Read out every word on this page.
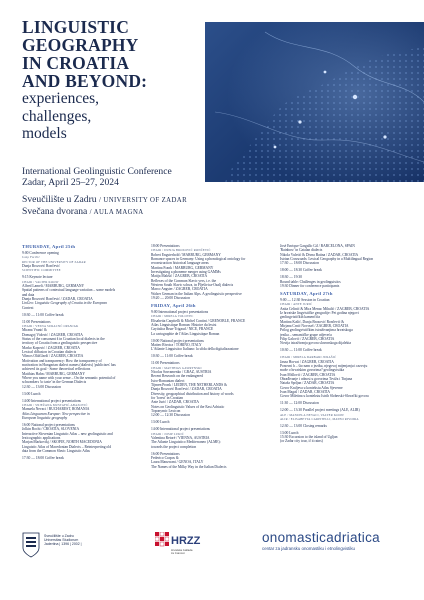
LINGUISTIC
GEOGRAPHY
IN CROATIA
AND BEYOND:
experiences,
challenges,
models
International Geolinguistic Conference
Zadar, April 25–27, 2024
Sveučilište u Zadru / UNIVERSITY OF ZADAR
Svečana dvorana / AULA MAGNA
THURSDAY, April 25th
9:00 Conference opening
Josip Faričić
RECTOR OF THE UNIVERSITY OF ZADAR
Dunja Brozović Rončević
SCIENTIFIC COMMITTEE
9:15 Keynote lecture
CHAIR / VALTER KOOW
Alfred Lameli / MARBURG, GERMANY
Spatial patterns of contextual language variation – some models
and data
Dunja Brozović Rončević / ZADAR, CROATIA
LinGeo: Linguistic Geography of Croatia in the European
Context
10:30 — 11:00 Coffee break
11:00 Presentations
CHAIR / VESNA SURACNĆ OPANJAK
Mirana Vranić &
Domagoj Vidović / ZAGREB, CROATIA
Status of the consonant ž in Croatian local dialects in the
territory of Croatia from a geolinguistic perspective
Marko Kapović / ZAGREB, CROATIA
Lexical diffusion in Croatian dialects
Vilmos Oláh'Jardí / ZAGREB, CROATIA
Motivation and transparency: How the transparency of
motivation in Hungarian dialect names (dialects) 'publicizes' has
achieved its goal - Some theoretical reflections
Matthias Hahn / MARBURG, GERMANY
Where you name with your sense – On the semantic potential of
schwankers 'to taste' in the German Dialects
12:30 — 13:00 Discussion
13:00 Lunch
14:00 International project presentations
CHAIR / SNJEŽANA MUSTAFIĆ-ABAZOVIĆ
Manuela Nevaci / BUCHAREST, ROMANIA
Atlas Linguarum Europae: New perspective in
European linguistic geography
16:00 National project presentations
Jolkin Bochi / CROATIA, SLOVENIA
Interactive Slovenian Linguistic Atlas – new geolinguistic and
lexicographic applications
Marjan Markovikj / SKOPJE, NORTH MACEDONIA
Linguistic Atlas of Macedonian Dialects – Reinterpreting old
data from the Common Slavic Linguistic Atlas
17:30 — 18:00 Coffee break
18:00 Presentations
CHAIR / DUNJA BROZOVIĆ RONČEVIĆ
Robert Engsterhold / MARBURG, GERMANY
Romance spaces in Germany: Using a phonological ontology for
reconstruction historical language areas
Martina Frank / MARBURG, GERMANY
Investigating a phoneme merger using GAMMs
Matija Makšić / ZAGREB, CROATIA
Reflexes of the Common Slavic yers, i.e. the
Western South Slavic schwa, in Plješivica-Ozalj dialects
Marco Angster / ZAGREB, CROATIA
Walser German in the Italian Alps. A geolinguistic perspective
19:20 — 20:00 Discussion
FRIDAY, April 26th
9:00 International project presentations
CHAIR / MIRELA VOLOVEC
Elisabetta Carpitelli & Michel Contini / GRENOBLE, FRANCE
Atlas Linguistique Roman: Histoire du lexist
Cayitaloa Brun-Trigaud / NICE, FRANCE
La cartographie de l'Atlas Linguistique Roman
10:00 National project presentations
Matteo Rivoira / TORINO, ITALY
L'Atlante Linguistico Italiano: la sfida della digitalizzazione
10:30 — 11:00 Coffee break
11:00 Presentations
CHAIR / MATTHIAS GAWRYNSKI
Nicolas Savramenko / GRAZ, AUSTRIA
Recent Research on the endangered
Istro-Romanian dialect
Tijmen Pronk / LEIDEN, THE NETHERLANDS &
Dunja Brozović Rončević / ZADAR, CROATIA
Diversity, geographical distribution and history of words
for 'forest' in Croatian
Ante Jurić / ZADAR, CROATIA
Notes on Geolinguistic Values of the East Adriatic
Toponymic Lexicon
12:00 — 12:30 Discussion
13:00 Lunch
14:00 International project presentations
CHAIR / JOSIP LUKIĆ
Valentina Retoré / VIENNA, AUSTRIA
The Atlante Linguistico Mediterraneo (ALME):
towards the project completion
16:00 Presentations
Federico Crapos &
Laura Manzwani / GENOA, ITALY
The Names of the Milky Way in the Italian Dialects
José Enrique Gargallo Gil / BARCELONA, SPAIN
'Rainbow' in Catalan dialects
Nikola Vuletić & Divna Batina / ZADAR, CROATIA
Istrian Crossroads: Lexical Geography in a Multilingual Region
17:30 — 18:00 Discussion
18:00 — 18:30 Coffee break
18:30 — 19:30
Round table: Challenges in geolinguistics
19:30 Dinner for conference participants
SATURDAY, April 27th
9:00 — 12:30 Session in Croatian
CHAIR / ANTE JURIĆ
Anita Celinić & Mira Menac Mihalić / ZAGREB, CROATIA
Iz hrvatske lingvističke geografije: Pet godina njegovi
geolingvističkih kamenčića
Martina Kašić, Dunja Brozović Rončević &
Mirjana Crnić Novosel / ZAGREB, CROATIA
Prilog geolingvističkim istraživanjima hrvatskoga
jezika – semantičke grupe odjeveća
Filip Galović / ZAGREB, CROATIA
Novija istraživanja govora slavonskoga dijalekta
10:30 — 11:00 Coffee break
CHAIR / MIRELA DARBARI JURAŠIĆ
Jasna Horvat / ZAGREB, CROATIA
Ponovni h – što nam o jeziku, njegovoj mijenjanju i razvoju
može o hrvatskim govorima? geolingvistika
Ivan Mišlović / ZAGREB, CROATIA
Obrađivanje i odnosi u govorima Trviža i Tinjana
Nataša Šprljan / ZADAR, CROATIA
Govor Kraljeva u kontekstu Atlas Sjeverne
Ivan Magaš / ZADAR, CROATIA
Govor Miletina u kontekstu Istrih Sloberski-Slovački govora
11:30 — 12:00 Discussion
12:00 — 13:30 Parallel project meetings (ALE, ALIR)
ALE / MANUELA NEVACI, VALTER KOOW
ALIR / ELISABETTA CARPITELLI, MATEO RIVOIRA
12:30 — 13:00 Closing remarks
13:00 Lunch
15:30 Excursion to the island of Ugljan
(or Zadar city tour, if it rains)
Sveučilište u Zadru
Universitas Studiorum
Jadertina | 1396 | 2002 |	HRZZ
Hrvatska zaklada
za znanost
onomasticadriatica
centar za jadransku onomastiku i etnolingvistiku
